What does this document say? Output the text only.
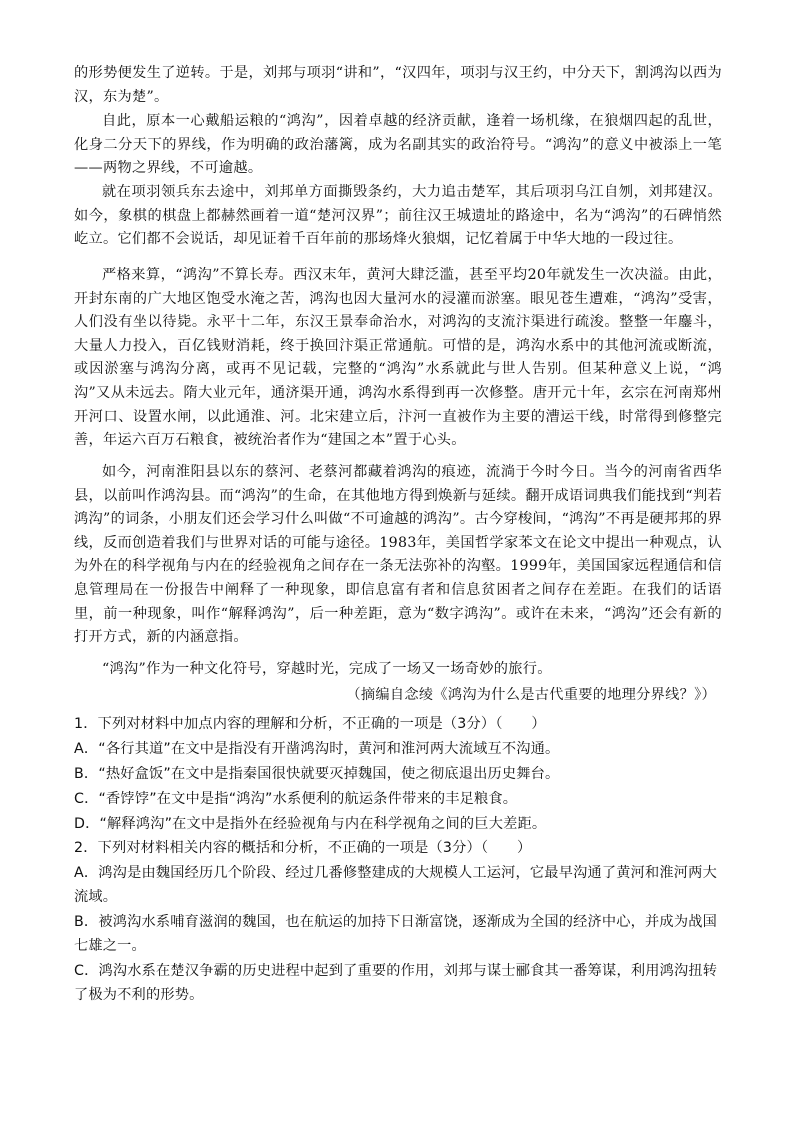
的形势便发生了逆转。于是，刘邦与项羽“讲和”，“汉四年，项羽与汉王约，中分天下，割鸿沟以西为汉，东为楚”。

自此，原本一心戴船运粮的“鸿沟”，因着卓越的经济贡献，逢着一场机缘，在狼烟四起的乱世，化身二分天下的界线，作为明确的政治藩篱，成为名副其实的政治符号。“鸿沟”的意义中被添上一笔——两物之界线，不可逾越。

就在项羽领兵东去途中，刘邦单方面撕毁条约，大力追击楚军，其后项羽乌江自刎，刘邦建汉。如今，象棋的棋盘上都赫然画着一道“楚河汉界”；前往汉王城遗址的路途中，名为“鸿沟”的石碑悄然屹立。它们都不会说话，却见证着千百年前的那场烽火狼烟，记忆着属于中华大地的一段过往。

严格来算，“鸿沟”不算长寿。西汉末年，黄河大肆泛滥，甚至平均20年就发生一次决溢。由此，开封东南的广大地区饱受水淹之苦，鸿沟也因大量河水的浸灌而淤塞。眼见苍生遭难，“鸿沟”受害，人们没有坐以待毙。永平十二年，东汉王景奉命治水，对鸿沟的支流汴渠进行疏浚。整整一年鏖斗，大量人力投入，百亿钱财消耗，终于换回汴渠正常通航。可惜的是，鸿沟水系中的其他河流或断流，或因淤塞与鸿沟分离，或再不见记载，完整的“鸿沟”水系就此与世人告别。但某种意义上说，“鸿沟”又从未远去。隋大业元年，通济渠开通，鸿沟水系得到再一次修整。唐开元十年，玄宗在河南郑州开河口、设置水闸，以此通淮、河。北宋建立后，汴河一直被作为主要的漕运干线，时常得到修整完善，年运六百万石粮食，被统治者作为“建国之本”置于心头。

如今，河南淮阳县以东的蔡河、老蔡河都藏着鸿沟的痕迹，流淌于今时今日。当今的河南省西华县，以前叫作鸿沟县。而“鸿沟”的生命，在其他地方得到焕新与延续。翻开成语词典我们能找到“判若鸿沟”的词条，小朋友们还会学习什么叫做“不可逾越的鸿沟”。古今穿梭间，“鸿沟”不再是硬邦邦的界线，反而创造着我们与世界对话的可能与途径。1983年，美国哲学家苯文在论文中提出一种观点，认为外在的科学视角与内在的经验视角之间存在一条无法弥补的沟壑。1999年，美国国家远程通信和信息管理局在一份报告中阐释了一种现象，即信息富有者和信息贫困者之间存在差距。在我们的话语里，前一种现象，叫作“解释鸿沟”，后一种差距，意为“数字鸿沟”。或许在未来，“鸿沟”还会有新的打开方式，新的内涵意指。

“鸿沟”作为一种文化符号，穿越时光，完成了一场又一场奇妙的旅行。

（摘编自念绫《鸿沟为什么是古代重要的地理分界线？》）

1．下列对材料中加点内容的理解和分析，不正确的一项是（3分）（　　）

A．“各行其道”在文中是指没有开凿鸿沟时，黄河和淮河两大流域互不沟通。

B．“热好盒饭”在文中是指秦国很快就要灭掉魏国，使之彻底退出历史舞台。

C．“香饽饽”在文中是指“鸿沟”水系便利的航运条件带来的丰足粮食。

D．“解释鸿沟”在文中是指外在经验视角与内在科学视角之间的巨大差距。

2．下列对材料相关内容的概括和分析，不正确的一项是（3分）（　　）

A．鸿沟是由魏国经历几个阶段、经过几番修整建成的大规模人工运河，它最早沟通了黄河和淮河两大流域。

B．被鸿沟水系哺育滋润的魏国，也在航运的加持下日渐富饶，逐渐成为全国的经济中心，并成为战国七雄之一。

C．鸿沟水系在楚汉争霸的历史进程中起到了重要的作用，刘邦与谋士郦食其一番筹谋，利用鸿沟扭转了极为不利的形势。
